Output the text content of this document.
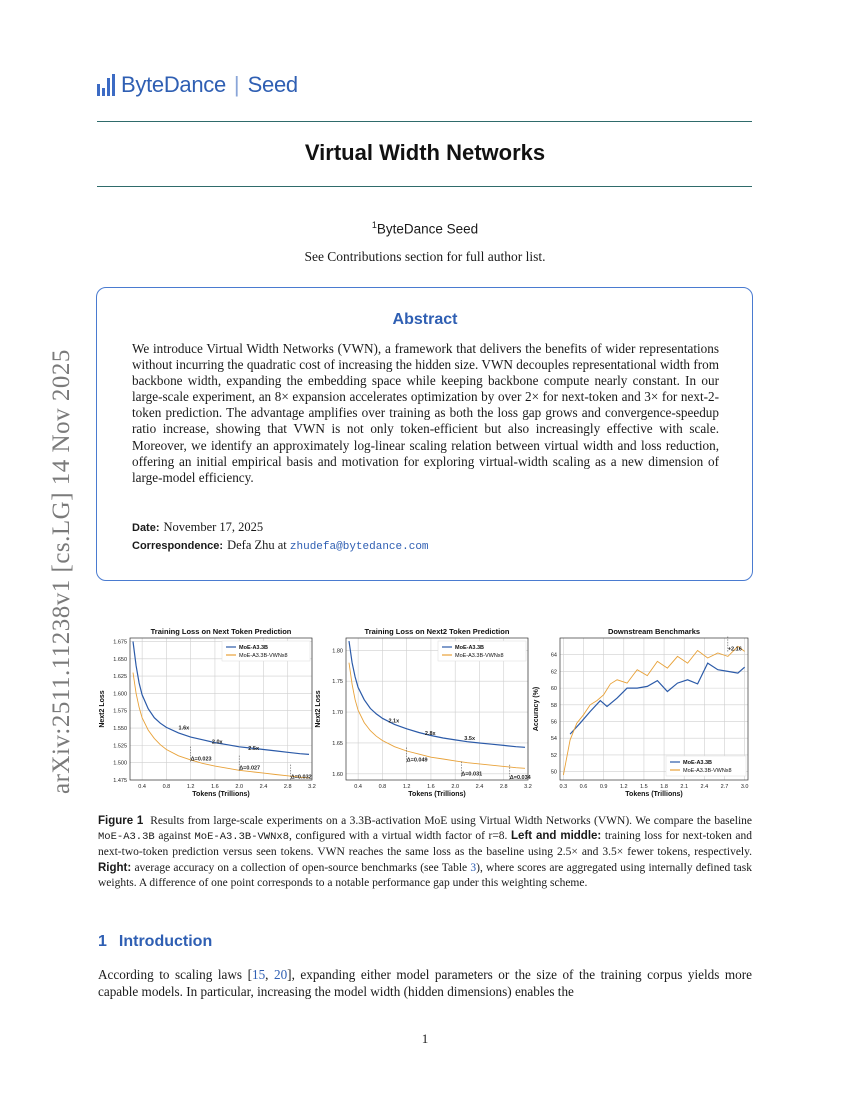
ByteDance | Seed
Virtual Width Networks
$^1$ByteDance Seed
See Contributions section for full author list.
arXiv:2511.11238v1 [cs.LG] 14 Nov 2025
Abstract
We introduce Virtual Width Networks (VWN), a framework that delivers the benefits of wider representations without incurring the quadratic cost of increasing the hidden size. VWN decouples representational width from backbone width, expanding the embedding space while keeping backbone compute nearly constant. In our large-scale experiment, an 8× expansion accelerates optimization by over 2× for next-token and 3× for next-2-token prediction. The advantage amplifies over training as both the loss gap grows and convergence-speedup ratio increase, showing that VWN is not only token-efficient but also increasingly effective with scale. Moreover, we identify an approximately log-linear scaling relation between virtual width and loss reduction, offering an initial empirical basis and motivation for exploring virtual-width scaling as a new dimension of large-model efficiency.
Date: November 17, 2025
Correspondence: Defa Zhu at zhudefa@bytedance.com
Training Loss on Next Token Prediction
0.4	0.8	1.2	1.6	2.0	2.4	2.8	3.2
1.475
1.500
1.525
1.550
1.575
1.600
1.625
1.650
1.675
Tokens (Trillions)
Next2 Loss
MoE-A3.3B
MoE-A3.3B-VWNx8
1.6x
2.0x
2.5x
Δ=0.023
Δ=0.027
Δ=0.032
Training Loss on Next2 Token Prediction
0.4	0.8	1.2	1.6	2.0	2.4	2.8	3.2
1.60
1.65
1.70
1.75
1.80
Tokens (Trillions)
Next2 Loss
MoE-A3.3B
MoE-A3.3B-VWNx8
2.1x
2.8x
3.5x
Δ=0.049
Δ=0.031
Δ=0.034
Downstream Benchmarks
0.3 0.6 0.9 1.2 1.5 1.8 2.1 2.4 2.7 3.0
50
52
54
56
58
60
62
64
Tokens (Trillions)
Accuracy (%)
MoE-A3.3B
MoE-A3.3B-VWNx8
+2.16
Figure 1 Results from large-scale experiments on a 3.3B-activation MoE using Virtual Width Networks (VWN). We compare the baseline MoE-A3.3B against MoE-A3.3B-VWNx8, configured with a virtual width factor of r=8. Left and middle: training loss for next-token and next-two-token prediction versus seen tokens. VWN reaches the same loss as the baseline using 2.5× and 3.5× fewer tokens, respectively. Right: average accuracy on a collection of open-source benchmarks (see Table 3), where scores are aggregated using internally defined task weights. A difference of one point corresponds to a notable performance gap under this weighting scheme.
1 Introduction
According to scaling laws [15, 20], expanding either model parameters or the size of the training corpus yields more capable models. In particular, increasing the model width (hidden dimensions) enables the
1
